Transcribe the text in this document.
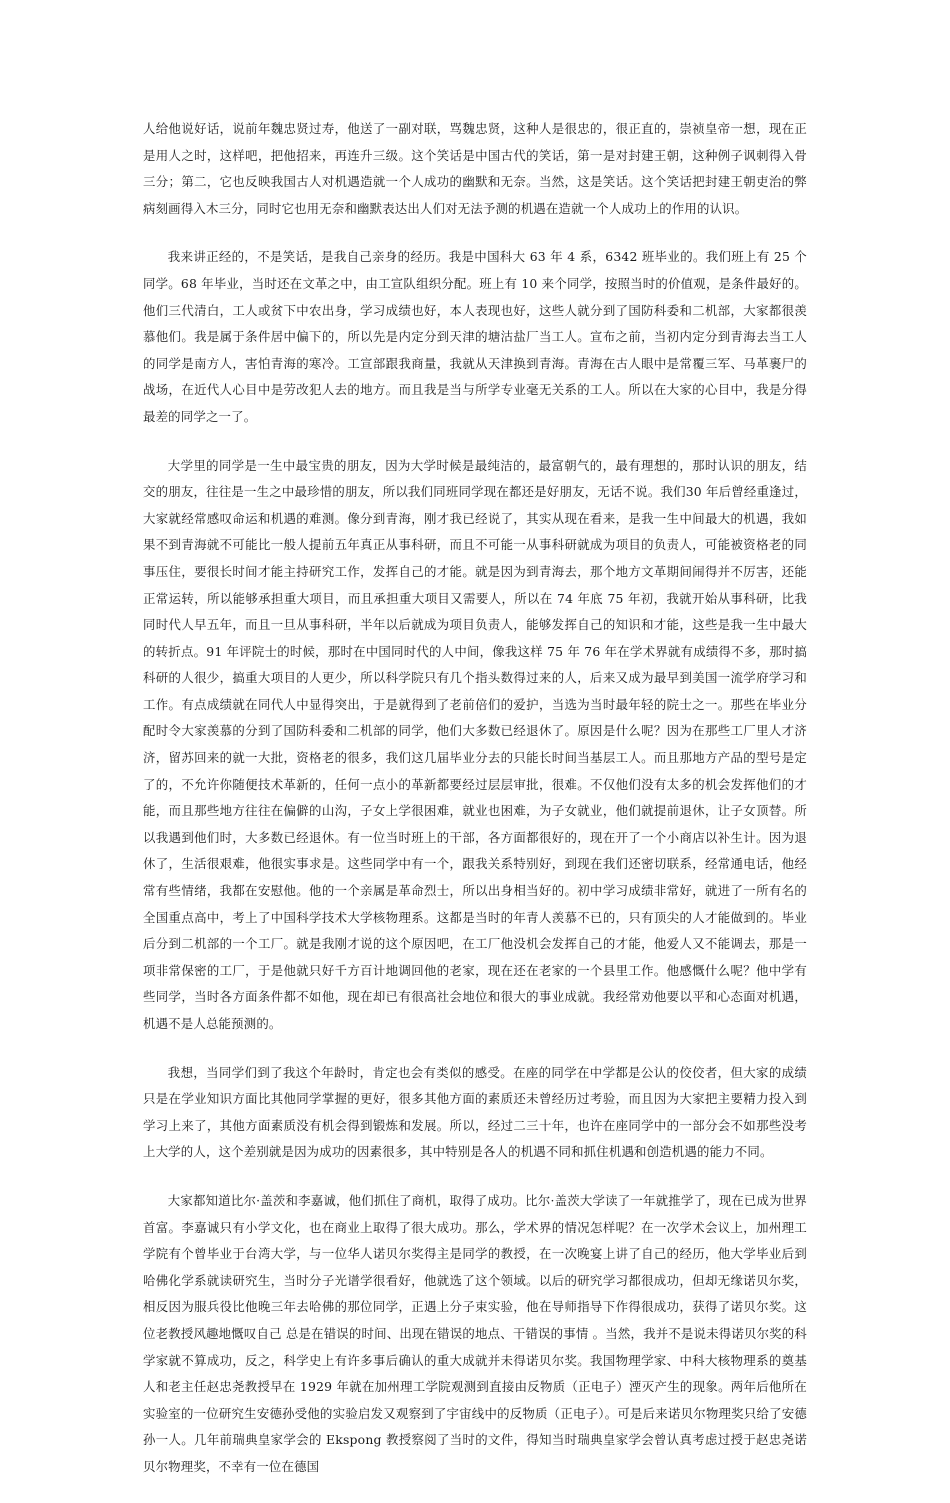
人给他说好话，说前年魏忠贤过寿，他送了一副对联，骂魏忠贤，这种人是很忠的，很正直的，崇祯皇帝一想，现在正是用人之时，这样吧，把他招来，再连升三级。这个笑话是中国古代的笑话，第一是对封建王朝，这种例子讽刺得入骨三分；第二，它也反映我国古人对机遇造就一个人成功的幽默和无奈。当然，这是笑话。这个笑话把封建王朝吏治的弊病刻画得入木三分，同时它也用无奈和幽默表达出人们对无法予测的机遇在造就一个人成功上的作用的认识。

我来讲正经的，不是笑话，是我自己亲身的经历。我是中国科大 63 年 4 系，6342 班毕业的。我们班上有 25 个同学。68 年毕业，当时还在文革之中，由工宣队组织分配。班上有 10 来个同学，按照当时的价值观，是条件最好的。他们三代清白，工人或贫下中农出身，学习成绩也好，本人表现也好，这些人就分到了国防科委和二机部，大家都很羡慕他们。我是属于条件居中偏下的，所以先是内定分到天津的塘沽盐厂当工人。宣布之前，当初内定分到青海去当工人的同学是南方人，害怕青海的寒冷。工宣部跟我商量，我就从天津换到青海。青海在古人眼中是常覆三军、马革裹尸的战场，在近代人心目中是劳改犯人去的地方。而且我是当与所学专业毫无关系的工人。所以在大家的心目中，我是分得最差的同学之一了。

大学里的同学是一生中最宝贵的朋友，因为大学时候是最纯洁的，最富朝气的，最有理想的，那时认识的朋友，结交的朋友，往往是一生之中最珍惜的朋友，所以我们同班同学现在都还是好朋友，无话不说。我们30 年后曾经重逢过，大家就经常感叹命运和机遇的难测。像分到青海，刚才我已经说了，其实从现在看来，是我一生中间最大的机遇，我如果不到青海就不可能比一般人提前五年真正从事科研，而且不可能一从事科研就成为项目的负责人，可能被资格老的同事压住，要很长时间才能主持研究工作，发挥自己的才能。就是因为到青海去，那个地方文革期间闹得并不厉害，还能正常运转，所以能够承担重大项目，而且承担重大项目又需要人，所以在 74 年底 75 年初，我就开始从事科研，比我同时代人早五年，而且一旦从事科研，半年以后就成为项目负责人，能够发挥自己的知识和才能，这些是我一生中最大的转折点。91 年评院士的时候，那时在中国同时代的人中间，像我这样 75 年 76 年在学术界就有成绩得不多，那时搞科研的人很少，搞重大项目的人更少，所以科学院只有几个指头数得过来的人，后来又成为最早到美国一流学府学习和工作。有点成绩就在同代人中显得突出，于是就得到了老前倍们的爱护，当选为当时最年轻的院士之一。那些在毕业分配时令大家羡慕的分到了国防科委和二机部的同学，他们大多数已经退休了。原因是什么呢？因为在那些工厂里人才济济，留苏回来的就一大批，资格老的很多，我们这几届毕业分去的只能长时间当基层工人。而且那地方产品的型号是定了的，不允许你随便技术革新的，任何一点小的革新都要经过层层审批，很难。不仅他们没有太多的机会发挥他们的才能，而且那些地方往往在偏僻的山沟，子女上学很困难，就业也困难，为子女就业，他们就提前退休，让子女顶替。所以我遇到他们时，大多数已经退休。有一位当时班上的干部，各方面都很好的，现在开了一个小商店以补生计。因为退休了，生活很艰难，他很实事求是。这些同学中有一个，跟我关系特别好，到现在我们还密切联系，经常通电话，他经常有些情绪，我都在安慰他。他的一个亲属是革命烈士，所以出身相当好的。初中学习成绩非常好，就进了一所有名的全国重点高中，考上了中国科学技术大学核物理系。这都是当时的年青人羡慕不已的，只有顶尖的人才能做到的。毕业后分到二机部的一个工厂。就是我刚才说的这个原因吧，在工厂他没机会发挥自己的才能，他爱人又不能调去，那是一项非常保密的工厂，于是他就只好千方百计地调回他的老家，现在还在老家的一个县里工作。他感慨什么呢？他中学有些同学，当时各方面条件都不如他，现在却已有很高社会地位和很大的事业成就。我经常劝他要以平和心态面对机遇，机遇不是人总能预测的。

我想，当同学们到了我这个年龄时，肯定也会有类似的感受。在座的同学在中学都是公认的佼佼者，但大家的成绩只是在学业知识方面比其他同学掌握的更好，很多其他方面的素质还未曾经历过考验，而且因为大家把主要精力投入到学习上来了，其他方面素质没有机会得到锻炼和发展。所以，经过二三十年，也许在座同学中的一部分会不如那些没考上大学的人，这个差别就是因为成功的因素很多，其中特别是各人的机遇不同和抓住机遇和创造机遇的能力不同。

大家都知道比尔·盖茨和李嘉诚，他们抓住了商机，取得了成功。比尔·盖茨大学读了一年就推学了，现在已成为世界首富。李嘉诚只有小学文化，也在商业上取得了很大成功。那么，学术界的情况怎样呢？在一次学术会议上，加州理工学院有个曾毕业于台湾大学，与一位华人诺贝尔奖得主是同学的教授，在一次晚宴上讲了自己的经历，他大学毕业后到哈佛化学系就读研究生，当时分子光谱学很看好，他就选了这个领域。以后的研究学习都很成功，但却无缘诺贝尔奖，相反因为服兵役比他晚三年去哈佛的那位同学，正遇上分子束实验，他在导师指导下作得很成功，获得了诺贝尔奖。这位老教授风趣地慨叹自己 总是在错误的时间、出现在错误的地点、干错误的事情 。当然，我并不是说未得诺贝尔奖的科学家就不算成功，反之，科学史上有许多事后确认的重大成就并未得诺贝尔奖。我国物理学家、中科大核物理系的奠基人和老主任赵忠尧教授早在 1929 年就在加州理工学院观测到直接由反物质（正电子）湮灭产生的现象。两年后他所在实验室的一位研究生安德孙受他的实验启发又观察到了宇宙线中的反物质（正电子）。可是后来诺贝尔物理奖只给了安德孙一人。几年前瑞典皇家学会的 Ekspong 教授察阅了当时的文件，得知当时瑞典皇家学会曾认真考虑过授于赵忠尧诺贝尔物理奖，不幸有一位在德国
